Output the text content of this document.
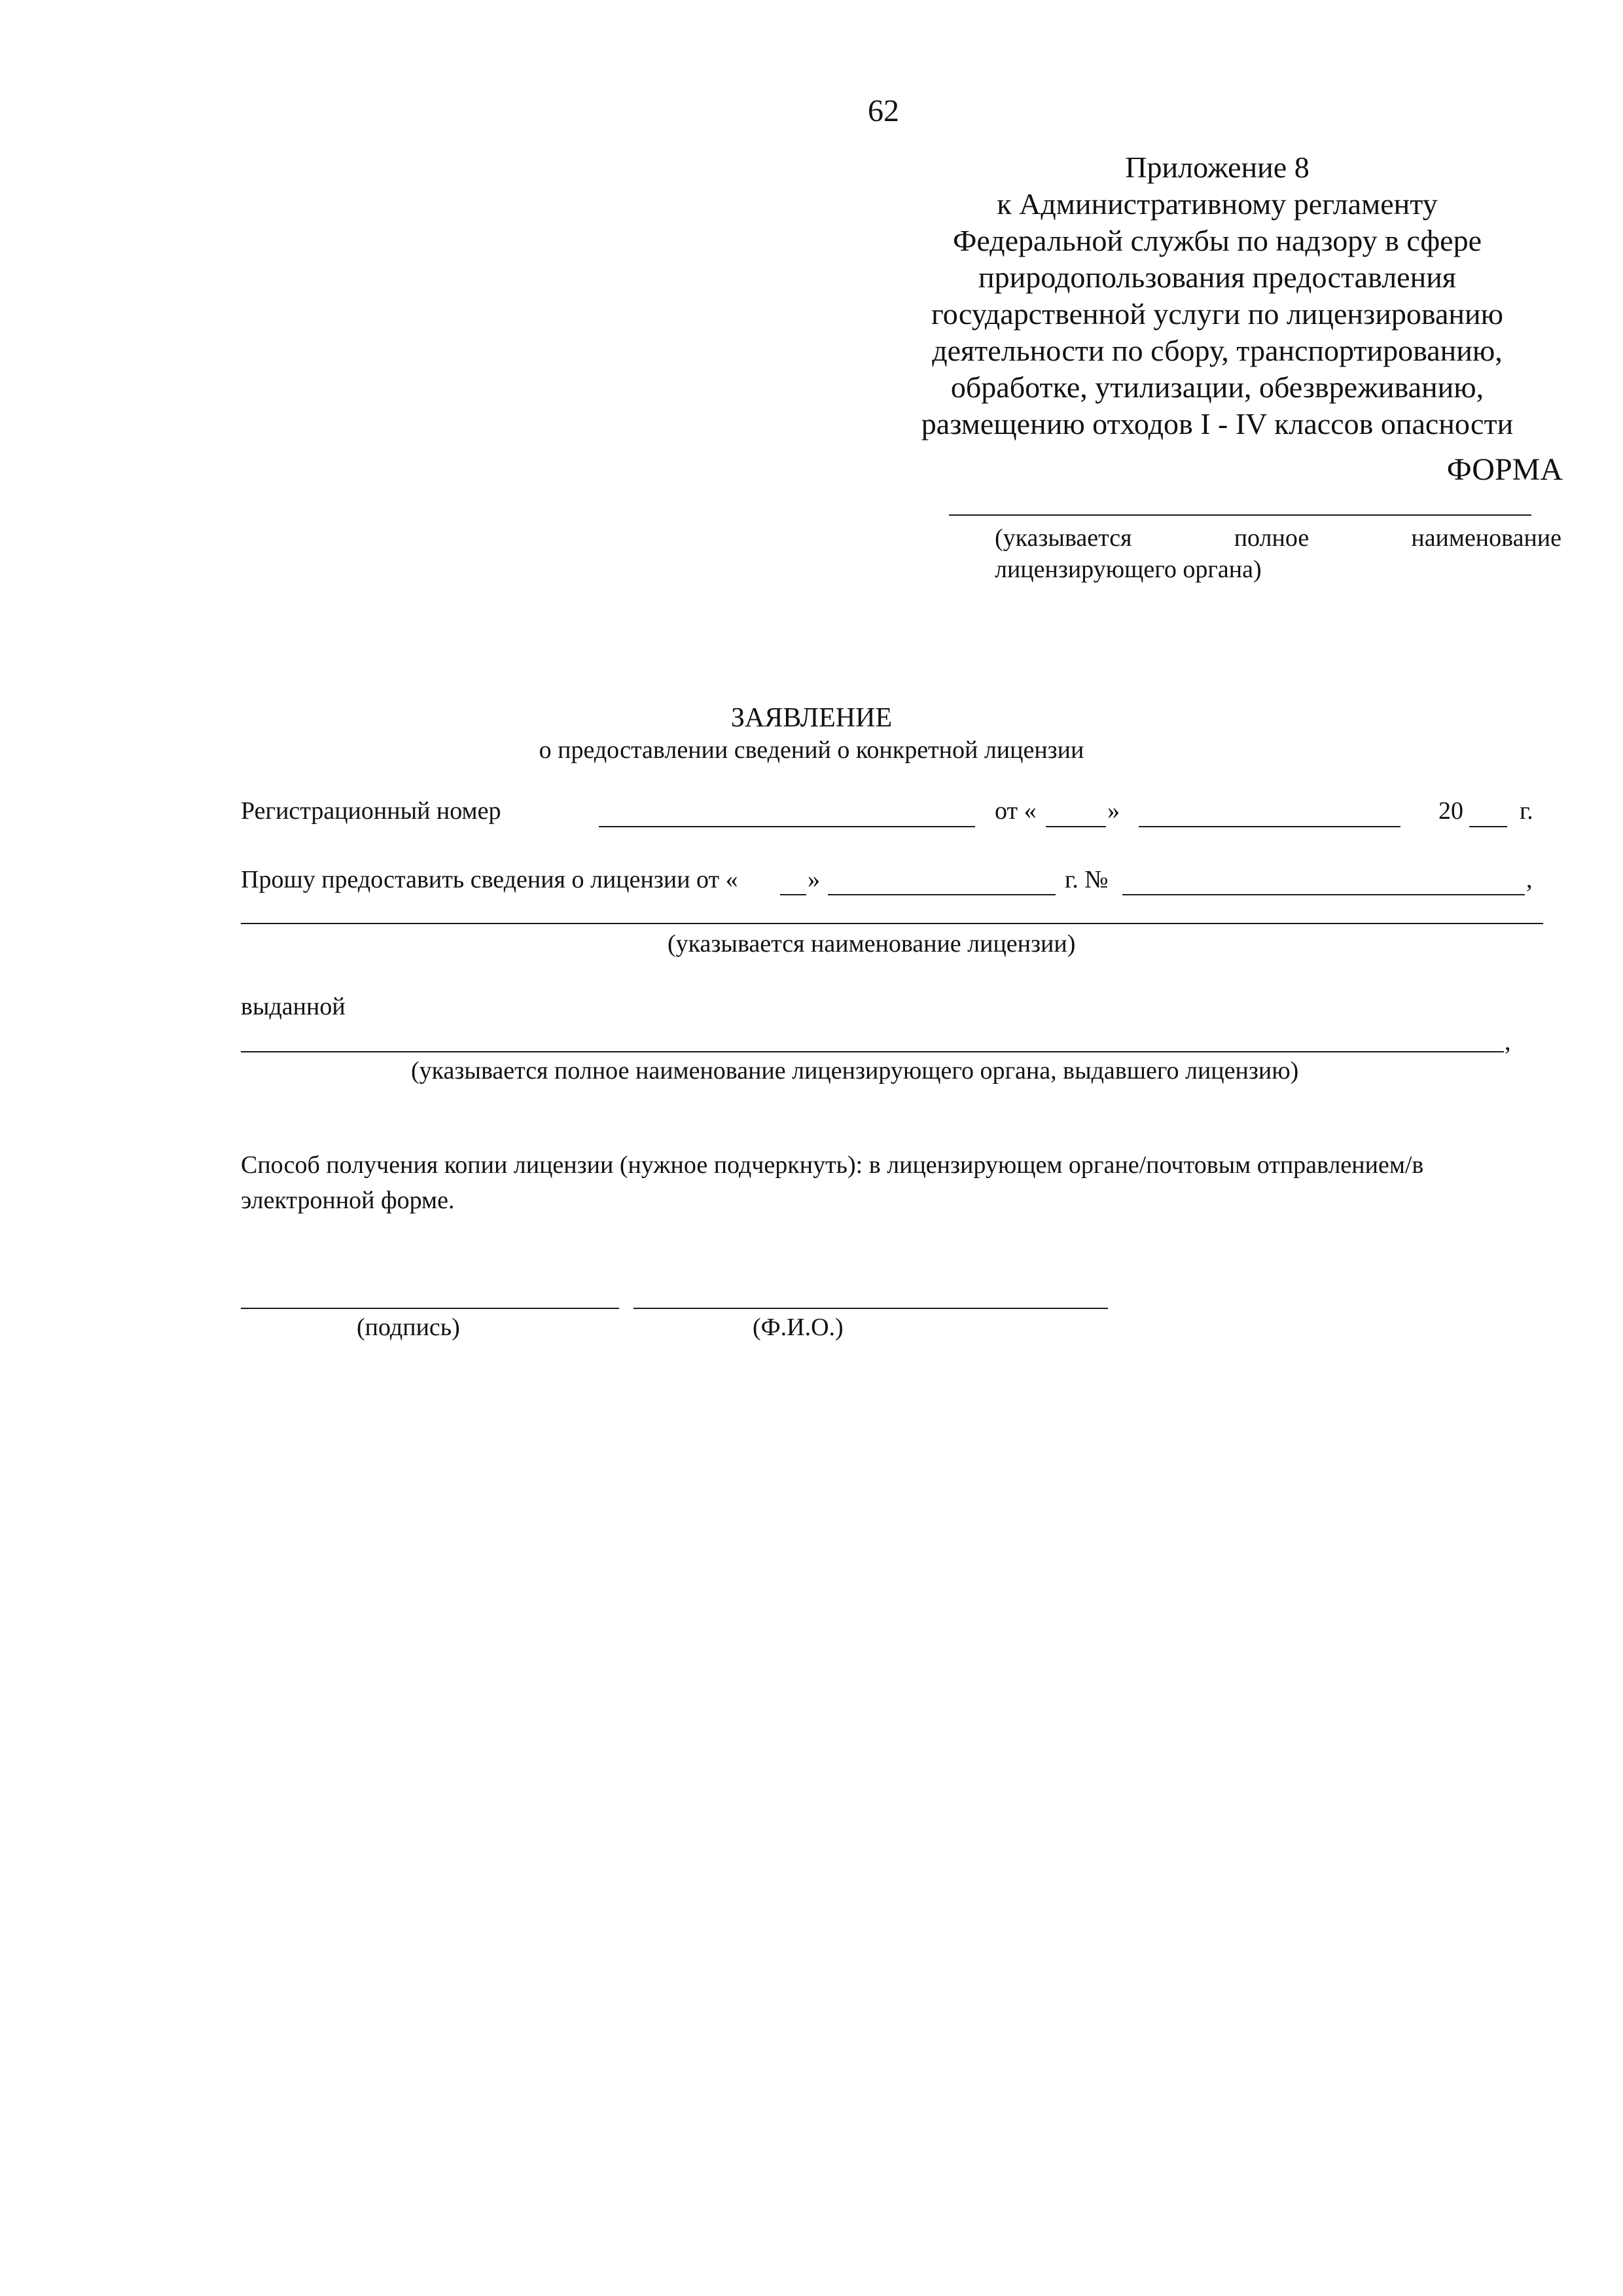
62
Приложение 8
к Административному регламенту
Федеральной службы по надзору в сфере
природопользования предоставления
государственной услуги по лицензированию
деятельности по сбору, транспортированию,
обработке, утилизации, обезвреживанию,
размещению отходов I - IV классов опасности
ФОРМА
(указывается	полное	наименование
лицензирующего органа)
ЗАЯВЛЕНИЕ
о предоставлении сведений о конкретной лицензии
Регистрационный номер	от «	»	20 г.
Прошу предоставить сведения о лицензии от «	»	г. №	,
(указывается наименование лицензии)
выданной
,
(указывается полное наименование лицензирующего органа, выдавшего лицензию)
Способ получения копии лицензии (нужное подчеркнуть): в лицензирующем органе/почтовым отправлением/в
электронной форме.
(подпись)	(Ф.И.О.)
